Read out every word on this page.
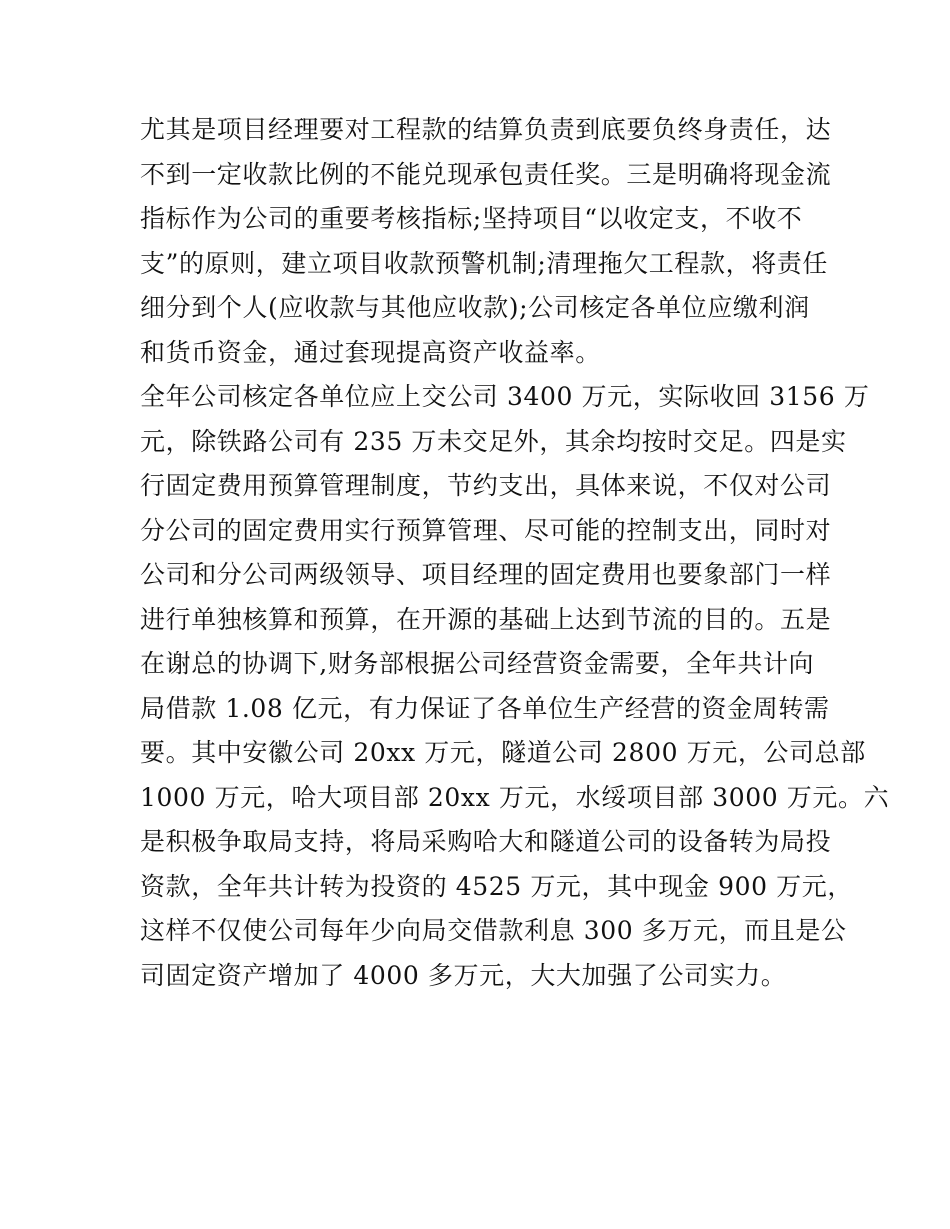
尤其是项目经理要对工程款的结算负责到底要负终身责任，达
不到一定收款比例的不能兑现承包责任奖。三是明确将现金流
指标作为公司的重要考核指标;坚持项目“以收定支，不收不
支”的原则，建立项目收款预警机制;清理拖欠工程款，将责任
细分到个人(应收款与其他应收款);公司核定各单位应缴利润
和货币资金，通过套现提高资产收益率。
全年公司核定各单位应上交公司 3400 万元，实际收回 3156 万
元，除铁路公司有 235 万未交足外，其余均按时交足。四是实
行固定费用预算管理制度，节约支出，具体来说，不仅对公司
分公司的固定费用实行预算管理、尽可能的控制支出，同时对
公司和分公司两级领导、项目经理的固定费用也要象部门一样
进行单独核算和预算，在开源的基础上达到节流的目的。五是
在谢总的协调下,财务部根据公司经营资金需要，全年共计向
局借款 1.08 亿元，有力保证了各单位生产经营的资金周转需
要。其中安徽公司 20xx 万元，隧道公司 2800 万元，公司总部
1000 万元，哈大项目部 20xx 万元，水绥项目部 3000 万元。六
是积极争取局支持，将局采购哈大和隧道公司的设备转为局投
资款，全年共计转为投资的 4525 万元，其中现金 900 万元，
这样不仅使公司每年少向局交借款利息 300 多万元，而且是公
司固定资产增加了 4000 多万元，大大加强了公司实力。
